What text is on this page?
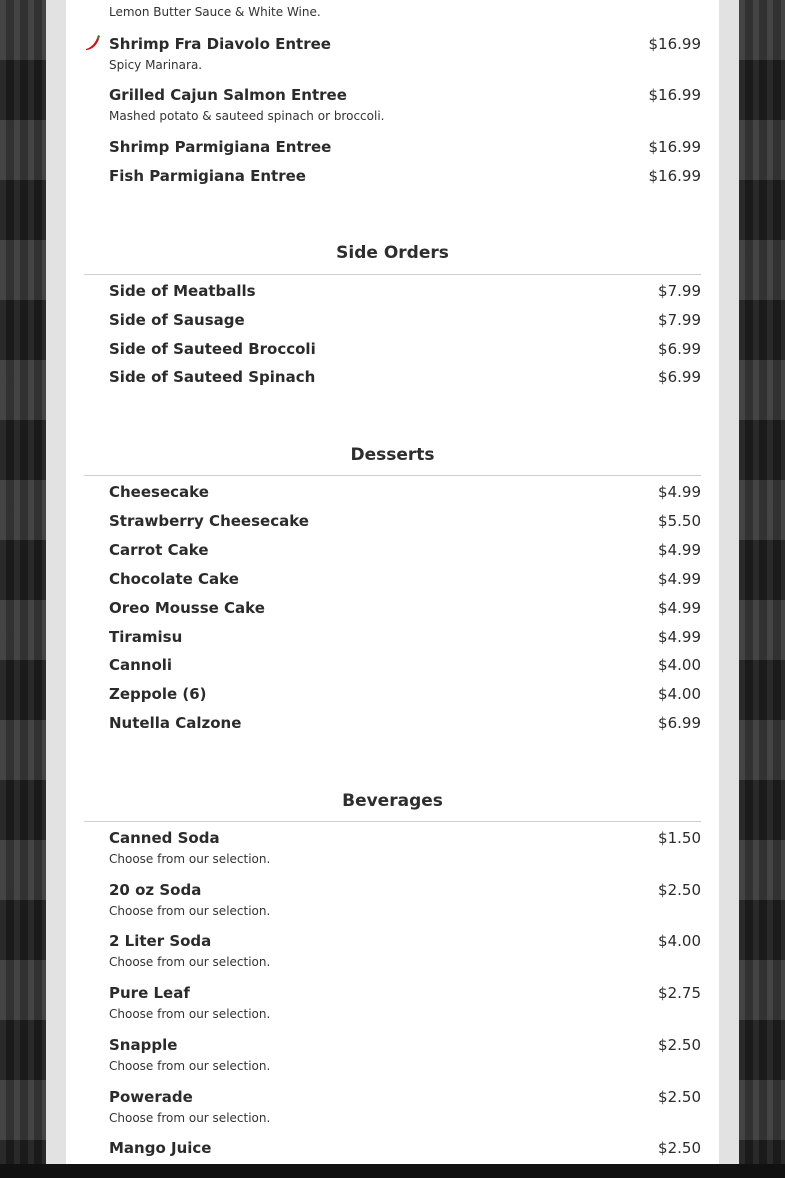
Lemon Butter Sauce & White Wine.
Shrimp Fra Diavolo Entree	$16.99
Spicy Marinara.
Grilled Cajun Salmon Entree	$16.99
Mashed potato & sauteed spinach or broccoli.
Shrimp Parmigiana Entree	$16.99
Fish Parmigiana Entree	$16.99
Side Orders
Side of Meatballs	$7.99
Side of Sausage	$7.99
Side of Sauteed Broccoli	$6.99
Side of Sauteed Spinach	$6.99
Desserts
Cheesecake	$4.99
Strawberry Cheesecake	$5.50
Carrot Cake	$4.99
Chocolate Cake	$4.99
Oreo Mousse Cake	$4.99
Tiramisu	$4.99
Cannoli	$4.00
Zeppole (6)	$4.00
Nutella Calzone	$6.99
Beverages
Canned Soda	$1.50
Choose from our selection.
20 oz Soda	$2.50
Choose from our selection.
2 Liter Soda	$4.00
Choose from our selection.
Pure Leaf	$2.75
Choose from our selection.
Snapple	$2.50
Choose from our selection.
Powerade	$2.50
Choose from our selection.
Mango Juice	$2.50
